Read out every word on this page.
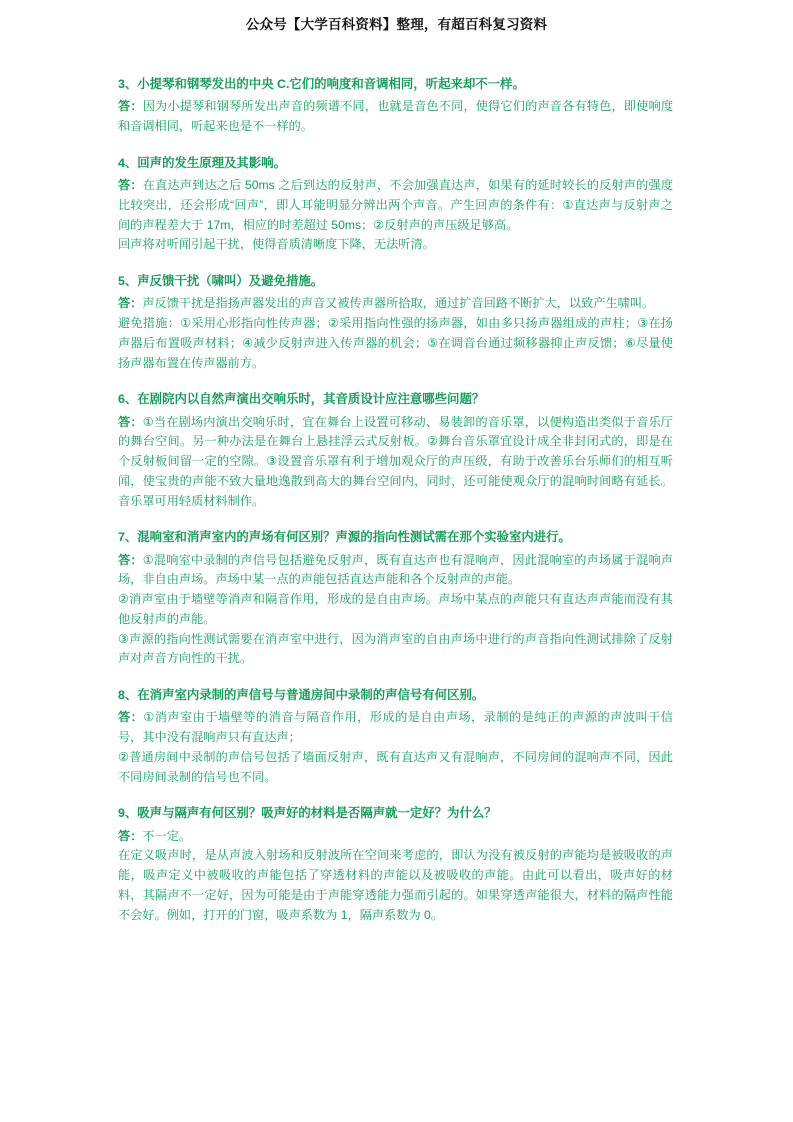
公众号【大学百科资料】整理，有超百科复习资料
3、小提琴和钢琴发出的中央 C.它们的响度和音调相同，听起来却不一样。
答：因为小提琴和钢琴所发出声音的频谱不同，也就是音色不同，使得它们的声音各有特色，即使响度和音调相同，听起来也是不一样的。
4、回声的发生原理及其影响。
答：在直达声到达之后 50ms 之后到达的反射声，不会加强直达声，如果有的延时较长的反射声的强度比较突出，还会形成“回声”，即人耳能明显分辨出两个声音。产生回声的条件有：①直达声与反射声之间的声程差大于 17m，相应的时差超过 50ms；②反射声的声压级足够高。
回声将对听闻引起干扰，使得音质清晰度下降，无法听清。
5、声反馈干扰（啸叫）及避免措施。
答：声反馈干扰是指扬声器发出的声音又被传声器所拾取，通过扩音回路不断扩大，以致产生啸叫。
避免措施：①采用心形指向性传声器；②采用指向性强的扬声器，如由多只扬声器组成的声柱；③在扬声器后布置吸声材料；④减少反射声进入传声器的机会；⑤在调音台通过频移器抑止声反馈；⑥尽量使扬声器布置在传声器前方。
6、在剧院内以自然声演出交响乐时，其音质设计应注意哪些问题？
答：①当在剧场内演出交响乐时，宜在舞台上设置可移动、易装卸的音乐罩，以便构造出类似于音乐厅的舞台空间。另一种办法是在舞台上悬挂浮云式反射板。②舞台音乐罩宜设计成全非封闭式的，即是在个反射板间留一定的空隙。③设置音乐罩有利于增加观众厅的声压级，有助于改善乐台乐师们的相互听闻，使宝贵的声能不致大量地逸散到高大的舞台空间内，同时，还可能使观众厅的混响时间略有延长。音乐罩可用轻质材料制作。
7、混响室和消声室内的声场有何区别？声源的指向性测试需在那个实验室内进行。
答：①混响室中录制的声信号包括避免反射声，既有直达声也有混响声，因此混响室的声场属于混响声场，非自由声场。声场中某一点的声能包括直达声能和各个反射声的声能。
②消声室由于墙壁等消声和隔音作用，形成的是自由声场。声场中某点的声能只有直达声声能而没有其他反射声的声能。
③声源的指向性测试需要在消声室中进行，因为消声室的自由声场中进行的声音指向性测试排除了反射声对声音方向性的干扰。
8、在消声室内录制的声信号与普通房间中录制的声信号有何区别。
答：①消声室由于墙壁等的消音与隔音作用，形成的是自由声场，录制的是纯正的声源的声波叫干信号，其中没有混响声只有直达声；
②普通房间中录制的声信号包括了墙面反射声，既有直达声又有混响声，不同房间的混响声不同，因此不同房间录制的信号也不同。
9、吸声与隔声有何区别？吸声好的材料是否隔声就一定好？为什么？
答：不一定。
在定义吸声时，是从声波入射场和反射波所在空间来考虑的，即认为没有被反射的声能均是被吸收的声能，吸声定义中被吸收的声能包括了穿透材料的声能以及被吸收的声能。由此可以看出，吸声好的材料，其隔声不一定好，因为可能是由于声能穿透能力强而引起的。如果穿透声能很大，材料的隔声性能不会好。例如，打开的门窗，吸声系数为 1，隔声系数为 0。
